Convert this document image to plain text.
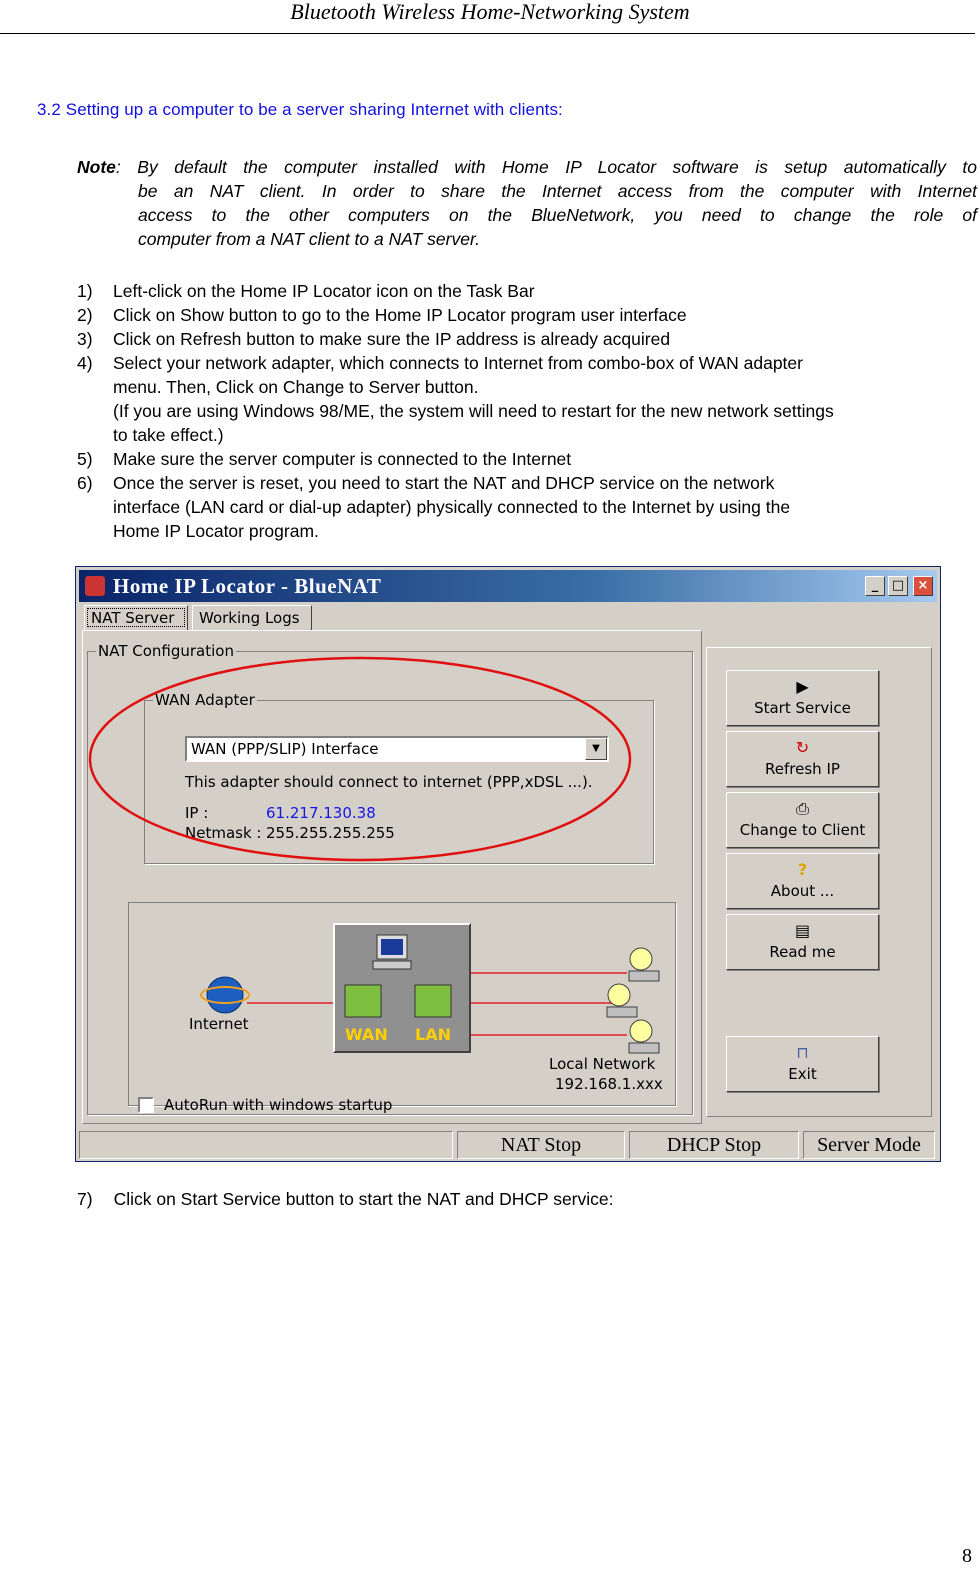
Bluetooth Wireless Home-Networking System
3.2 Setting up a computer to be a server sharing Internet with clients:
Note: By default the computer installed with Home IP Locator software is setup automatically to
be an NAT client. In order to share the Internet access from the computer with Internet
access to the other computers on the BlueNetwork, you need to change the role of
computer from a NAT client to a NAT server.
1) Left-click on the Home IP Locator icon on the Task Bar
2) Click on Show button to go to the Home IP Locator program user interface
3) Click on Refresh button to make sure the IP address is already acquired
4) Select your network adapter, which connects to Internet from combo-box of WAN adapter
menu. Then, Click on Change to Server button.
(If you are using Windows 98/ME, the system will need to restart for the new network settings
to take effect.)
5) Make sure the server computer is connected to the Internet
6) Once the server is reset, you need to start the NAT and DHCP service on the network
interface (LAN card or dial-up adapter) physically connected to the Internet by using the
Home IP Locator program.
Home IP Locator - BlueNAT	_	□	×
NAT Server	Working Logs
NAT Configuration
WAN Adapter
WAN (PPP/SLIP) Interface	▼
This adapter should connect to internet (PPP,xDSL ...).
IP :	61.217.130.38
Netmask : 255.255.255.255
Internet
WAN LAN
Local Network
192.168.1.xxx
▶
Start Service
↻
Refresh IP
⎙
Change to Client
?
About ...
▤
Read me
⊓
Exit
AutoRun with windows startup
NAT Stop	DHCP Stop	Server Mode
7) Click on Start Service button to start the NAT and DHCP service:
8
